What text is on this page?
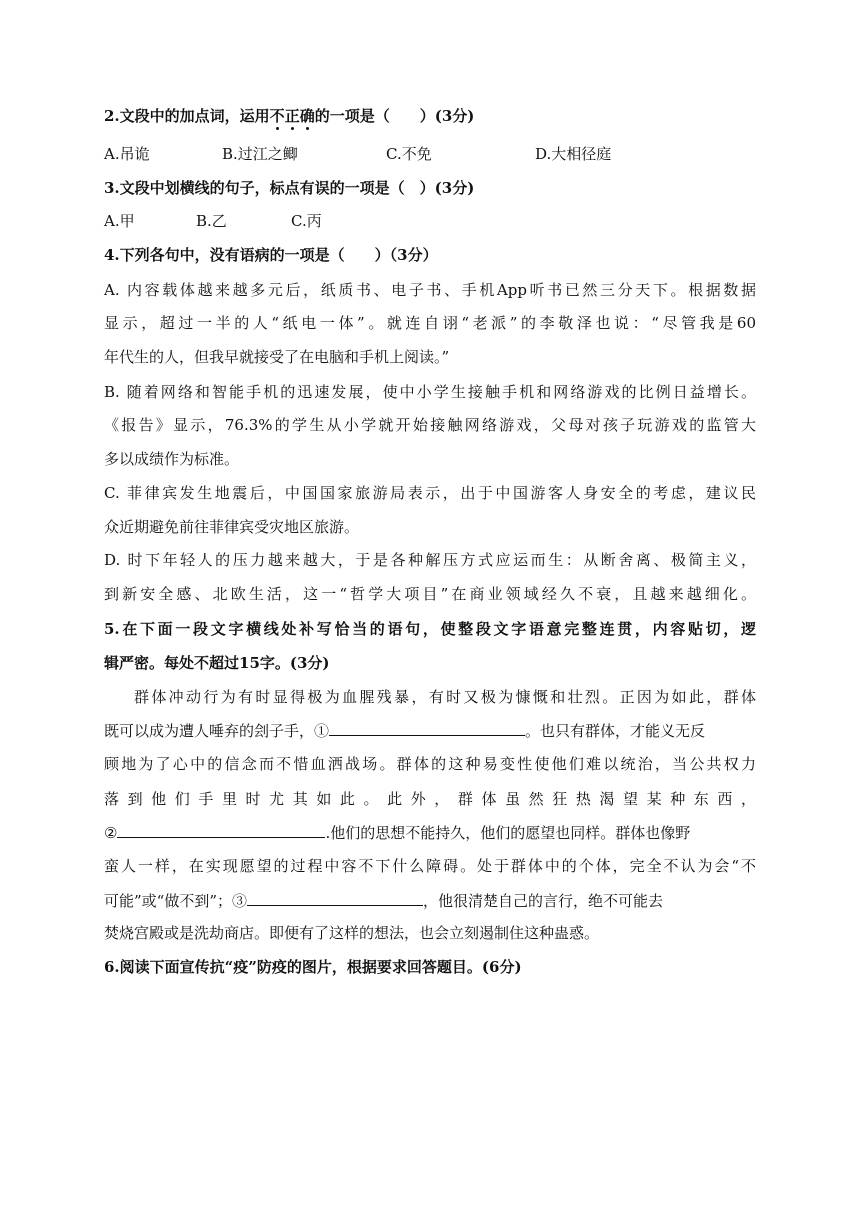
2.文段中的加点词，运用不正确的一项是（　　）(3分)
A.吊诡	B.过江之鲫	C.不免	D.大相径庭
3.文段中划横线的句子，标点有误的一项是（　）(3分)
A.甲	B.乙	C.丙
4.下列各句中，没有语病的一项是（　　）（3分）
A. 内容载体越来越多元后，纸质书、电子书、手机App听书已然三分天下。根据数据
显示，超过一半的人“纸电一体”。就连自诩“老派”的李敬泽也说：“尽管我是60
年代生的人，但我早就接受了在电脑和手机上阅读。”
B. 随着网络和智能手机的迅速发展，使中小学生接触手机和网络游戏的比例日益增长。
《报告》显示，76.3%的学生从小学就开始接触网络游戏，父母对孩子玩游戏的监管大
多以成绩作为标准。
C. 菲律宾发生地震后，中国国家旅游局表示，出于中国游客人身安全的考虑，建议民
众近期避免前往菲律宾受灾地区旅游。
D. 时下年轻人的压力越来越大，于是各种解压方式应运而生：从断舍离、极简主义，
到新安全感、北欧生活，这一“哲学大项目”在商业领域经久不衰，且越来越细化。
5.在下面一段文字横线处补写恰当的语句，使整段文字语意完整连贯，内容贴切，逻
辑严密。每处不超过15字。(3分)
群体冲动行为有时显得极为血腥残暴，有时又极为慷慨和壮烈。正因为如此，群体
既可以成为遭人唾弃的刽子手，①	。也只有群体，才能义无反
顾地为了心中的信念而不惜血洒战场。群体的这种易变性使他们难以统治，当公共权力
落到他们手里时尤其如此。此外，群体虽然狂热渴望某种东西，
②	.他们的思想不能持久，他们的愿望也同样。群体也像野
蛮人一样，在实现愿望的过程中容不下什么障碍。处于群体中的个体，完全不认为会“不
可能”或“做不到”；③	，他很清楚自己的言行，绝不可能去
焚烧宫殿或是洗劫商店。即便有了这样的想法，也会立刻遏制住这种蛊惑。
6.阅读下面宣传抗“疫”防疫的图片，根据要求回答题目。(6分)
